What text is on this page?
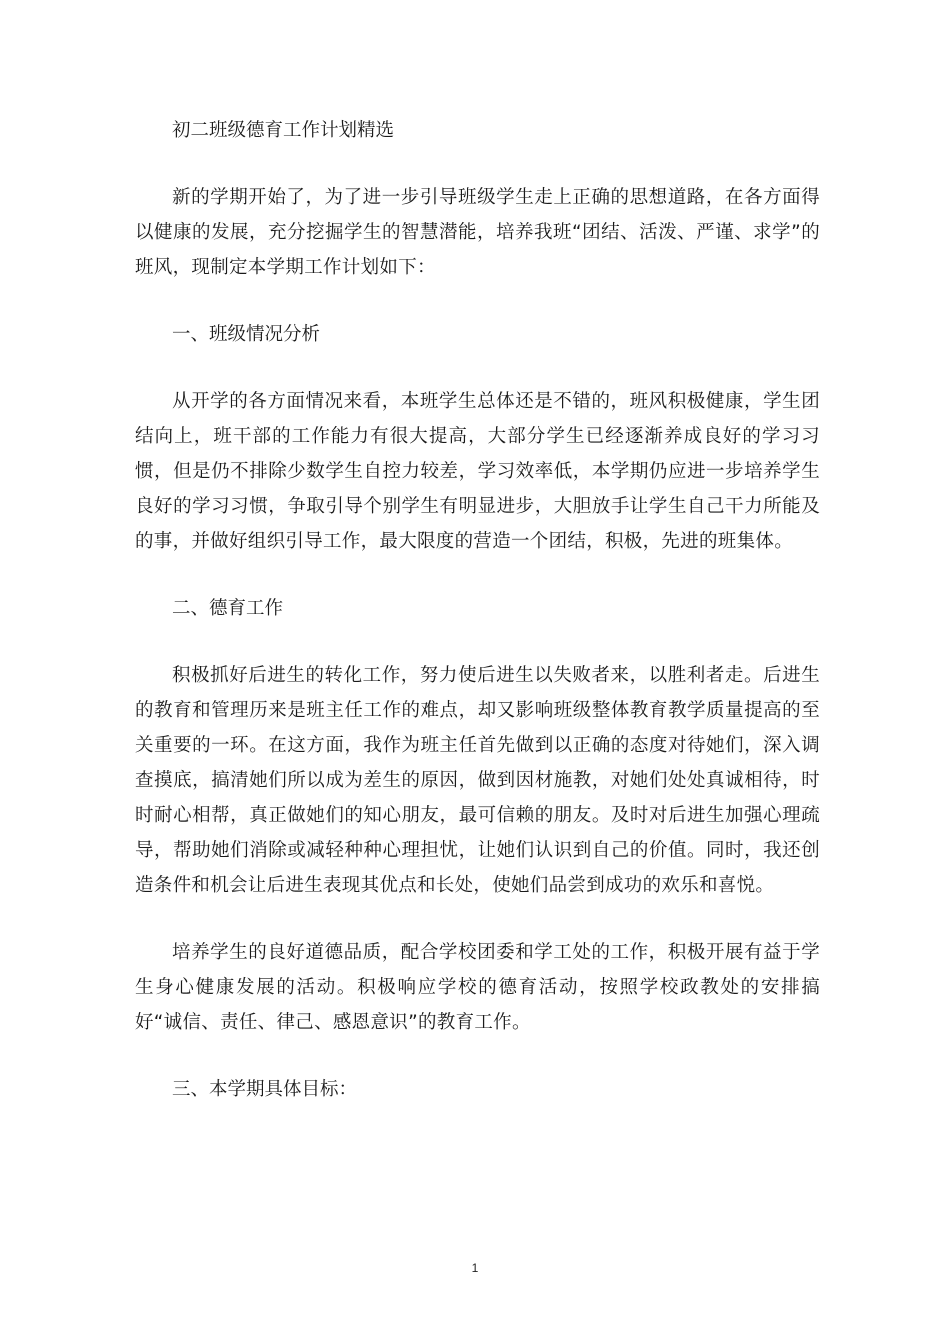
初二班级德育工作计划精选

新的学期开始了，为了进一步引导班级学生走上正确的思想道路，在各方面得以健康的发展，充分挖掘学生的智慧潜能，培养我班“团结、活泼、严谨、求学”的班风，现制定本学期工作计划如下：

一、班级情况分析

从开学的各方面情况来看，本班学生总体还是不错的，班风积极健康，学生团结向上，班干部的工作能力有很大提高，大部分学生已经逐渐养成良好的学习习惯，但是仍不排除少数学生自控力较差，学习效率低，本学期仍应进一步培养学生良好的学习习惯，争取引导个别学生有明显进步，大胆放手让学生自己干力所能及的事，并做好组织引导工作，最大限度的营造一个团结，积极，先进的班集体。

二、德育工作

积极抓好后进生的转化工作，努力使后进生以失败者来，以胜利者走。后进生的教育和管理历来是班主任工作的难点，却又影响班级整体教育教学质量提高的至关重要的一环。在这方面，我作为班主任首先做到以正确的态度对待她们，深入调查摸底，搞清她们所以成为差生的原因，做到因材施教，对她们处处真诚相待，时时耐心相帮，真正做她们的知心朋友，最可信赖的朋友。及时对后进生加强心理疏导，帮助她们消除或减轻种种心理担忧，让她们认识到自己的价值。同时，我还创造条件和机会让后进生表现其优点和长处，使她们品尝到成功的欢乐和喜悦。

培养学生的良好道德品质，配合学校团委和学工处的工作，积极开展有益于学生身心健康发展的活动。积极响应学校的德育活动，按照学校政教处的安排搞好“诚信、责任、律己、感恩意识”的教育工作。

三、本学期具体目标：

1
